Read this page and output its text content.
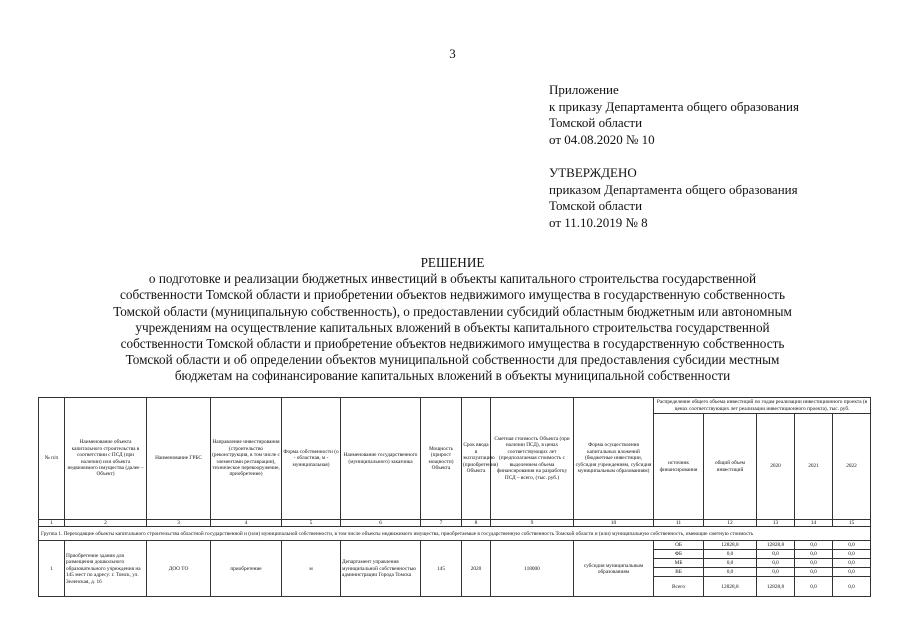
3
Приложение
к приказу Департамента общего образования
Томской области
от 04.08.2020 № 10
УТВЕРЖДЕНО
приказом Департамента общего образования
Томской области
от 11.10.2019 № 8
РЕШЕНИЕ
о подготовке и реализации бюджетных инвестиций в объекты капитального строительства государственной
собственности Томской области и приобретении объектов недвижимого имущества в государственную собственность
Томской области (муниципальную собственность), о предоставлении субсидий областным бюджетным или автономным
учреждениям на осуществление капитальных вложений в объекты капитального строительства государственной
собственности Томской области и приобретение объектов недвижимого имущества в государственную собственность
Томской области и об определении объектов муниципальной собственности для предоставления субсидии местным
бюджетам на софинансирование капитальных вложений в объекты муниципальной собственности
№ п/п	Наименование объекта капитального строительства в соответствии с ПСД (при наличии) или объекта недвижимого имущества (далее – Объект)	Наименование ГРБС	Направление инвестирования (строительство (реконструкция, в том числе с элементами реставрации), техническое перевооружение, приобретение)	Форма собственности (о - областная, м - муниципальная)	Наименование государственного (муниципального) заказчика	Мощность (прирост мощности) Объекта	Срок ввода в эксплуатацию (приобретения) Объекта	Сметная стоимость Объекта (при наличии ПСД), в ценах соответствующих лет (предполагаемая стоимость с выделением объема финансирования на разработку ПСД – всего, (тыс. руб.)	Форма осуществления капитальных вложений (бюджетные инвестиции, субсидия учреждениям, субсидия муниципальным образованиям)	Распределение общего объема инвестиций по годам реализации инвестиционного проекта (в ценах соответствующих лет реализации инвестиционного проекта), тыс. руб.				
										источник финансирования	общий объем инвестиций	2020	2021	2022
1	2	3	4	5	6	7	8	9	10	11	12	13	14	15
Группа 1. Переходящие объекты капитального строительства областной государственной и (или) муниципальной собственности, в том числе объекты недвижимого имущества, приобретаемые в государственную собственность Томской области и (или) муниципальную собственность, имеющие сметную стоимость														
1	Приобретение здания для размещения дошкольного образовательного учреждения на 145 мест по адресу: г. Томск, ул. Зеленская, д. 16	ДОО ТО	приобретение	м	Департамент управления муниципальной собственностью администрации Города Томска	145	2020	118000	субсидия муниципальным образованиям	ОБ	12828,8	12828,8	0,0	0,0
										ФБ	0,0	0,0	0,0	0,0
										МБ	0,0	0,0	0,0	0,0
										ВБ	0,0	0,0	0,0	0,0
										Всего	12828,8	12828,8	0,0	0,0
